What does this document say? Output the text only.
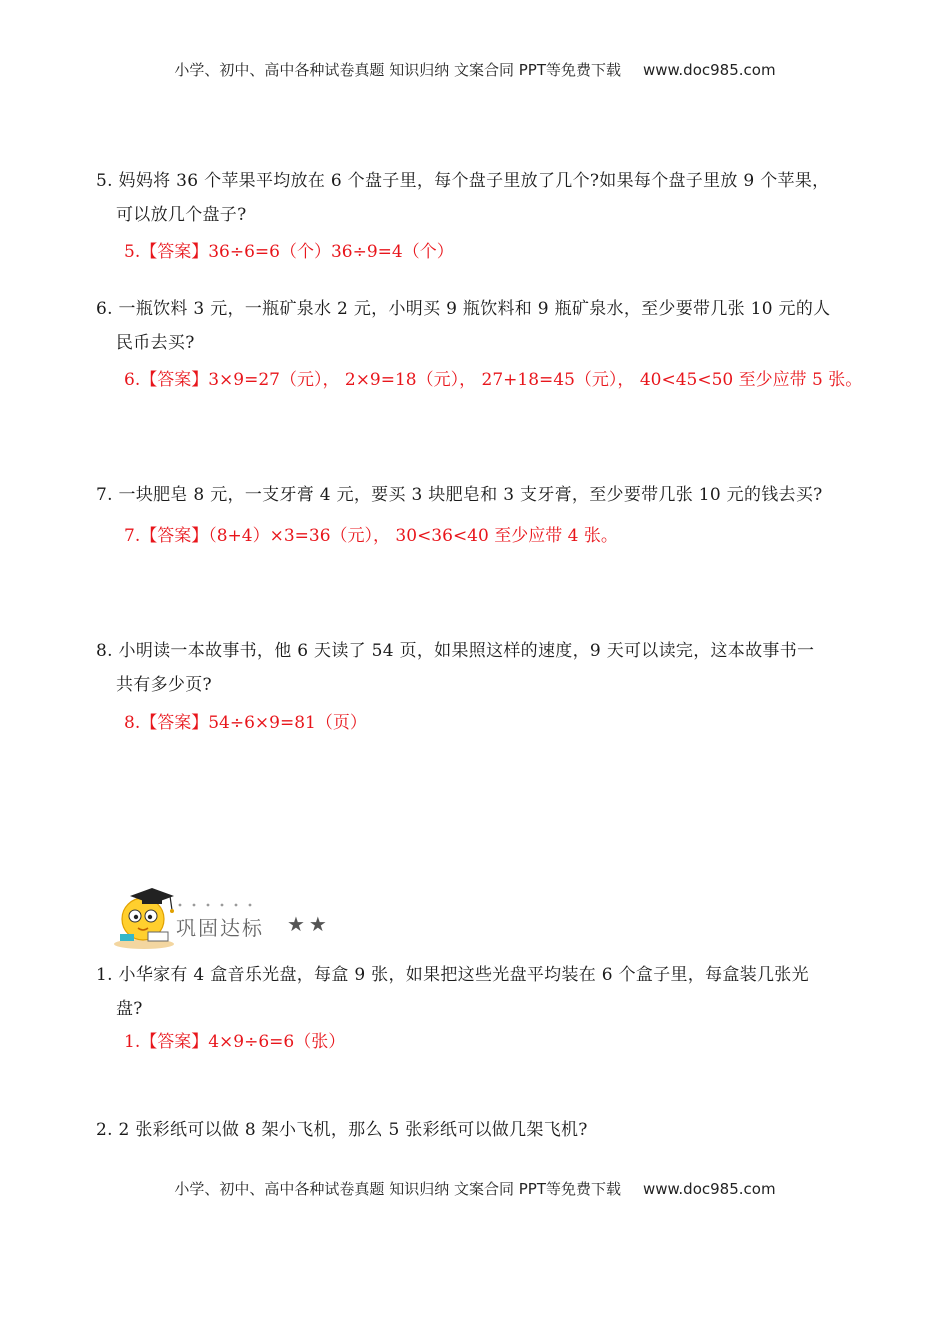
小学、初中、高中各种试卷真题 知识归纳 文案合同 PPT等免费下载 www.doc985.com
5. 妈妈将 36 个苹果平均放在 6 个盘子里，每个盘子里放了几个?如果每个盘子里放 9 个苹果，
可以放几个盘子?
5.【答案】36÷6=6（个）36÷9=4（个）
6. 一瓶饮料 3 元，一瓶矿泉水 2 元，小明买 9 瓶饮料和 9 瓶矿泉水，至少要带几张 10 元的人
民币去买?
6.【答案】3×9=27（元）， 2×9=18（元）， 27+18=45（元）， 40<45<50 至少应带 5 张。
7. 一块肥皂 8 元，一支牙膏 4 元，要买 3 块肥皂和 3 支牙膏，至少要带几张 10 元的钱去买?
7.【答案】（8+4）×3=36（元）， 30<36<40 至少应带 4 张。
8. 小明读一本故事书，他 6 天读了 54 页，如果照这样的速度，9 天可以读完，这本故事书一
共有多少页?
8.【答案】54÷6×9=81（页）
巩固达标 ★★
1. 小华家有 4 盒音乐光盘，每盒 9 张，如果把这些光盘平均装在 6 个盒子里，每盒装几张光
盘?
1.【答案】4×9÷6=6（张）
2. 2 张彩纸可以做 8 架小飞机，那么 5 张彩纸可以做几架飞机?
小学、初中、高中各种试卷真题 知识归纳 文案合同 PPT等免费下载 www.doc985.com
